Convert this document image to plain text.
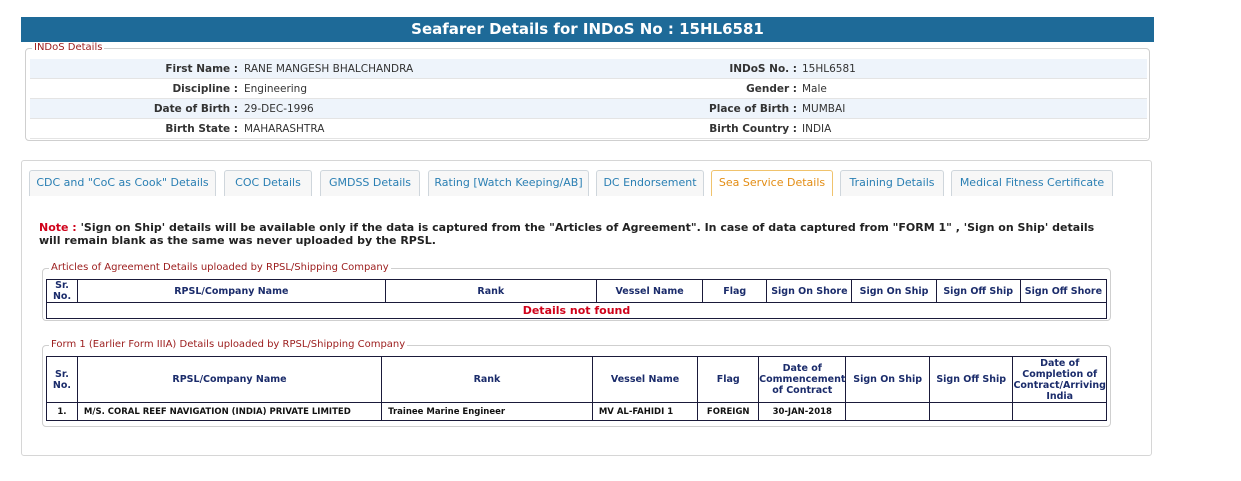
Seafarer Details for INDoS No : 15HL6581
INDoS Details
First Name : RANE MANGESH BHALCHANDRA	INDoS No. : 15HL6581
Discipline : Engineering	Gender : Male
Date of Birth : 29-DEC-1996	Place of Birth : MUMBAI
Birth State : MAHARASHTRA	Birth Country : INDIA
CDC and "CoC as Cook" Details	COC Details	GMDSS Details	Rating [Watch Keeping/AB]	DC Endorsement	Sea Service Details	Training Details	Medical Fitness Certificate
Note : 'Sign on Ship' details will be available only if the data is captured from the "Articles of Agreement". In case of data captured from "FORM 1" , 'Sign on Ship' details will remain blank as the same was never uploaded by the RPSL.
Articles of Agreement Details uploaded by RPSL/Shipping Company
Sr. No.	RPSL/Company Name	Rank	Vessel Name	Flag	Sign On Shore	Sign On Ship	Sign Off Ship	Sign Off Shore
Details not found
Form 1 (Earlier Form IIIA) Details uploaded by RPSL/Shipping Company
Sr. No.	RPSL/Company Name	Rank	Vessel Name	Flag	Date of Commencement of Contract	Sign On Ship	Sign Off Ship	Date of Completion of Contract/Arriving India
1.	M/S. CORAL REEF NAVIGATION (INDIA) PRIVATE LIMITED	Trainee Marine Engineer	MV AL-FAHIDI 1	FOREIGN	30-JAN-2018			
